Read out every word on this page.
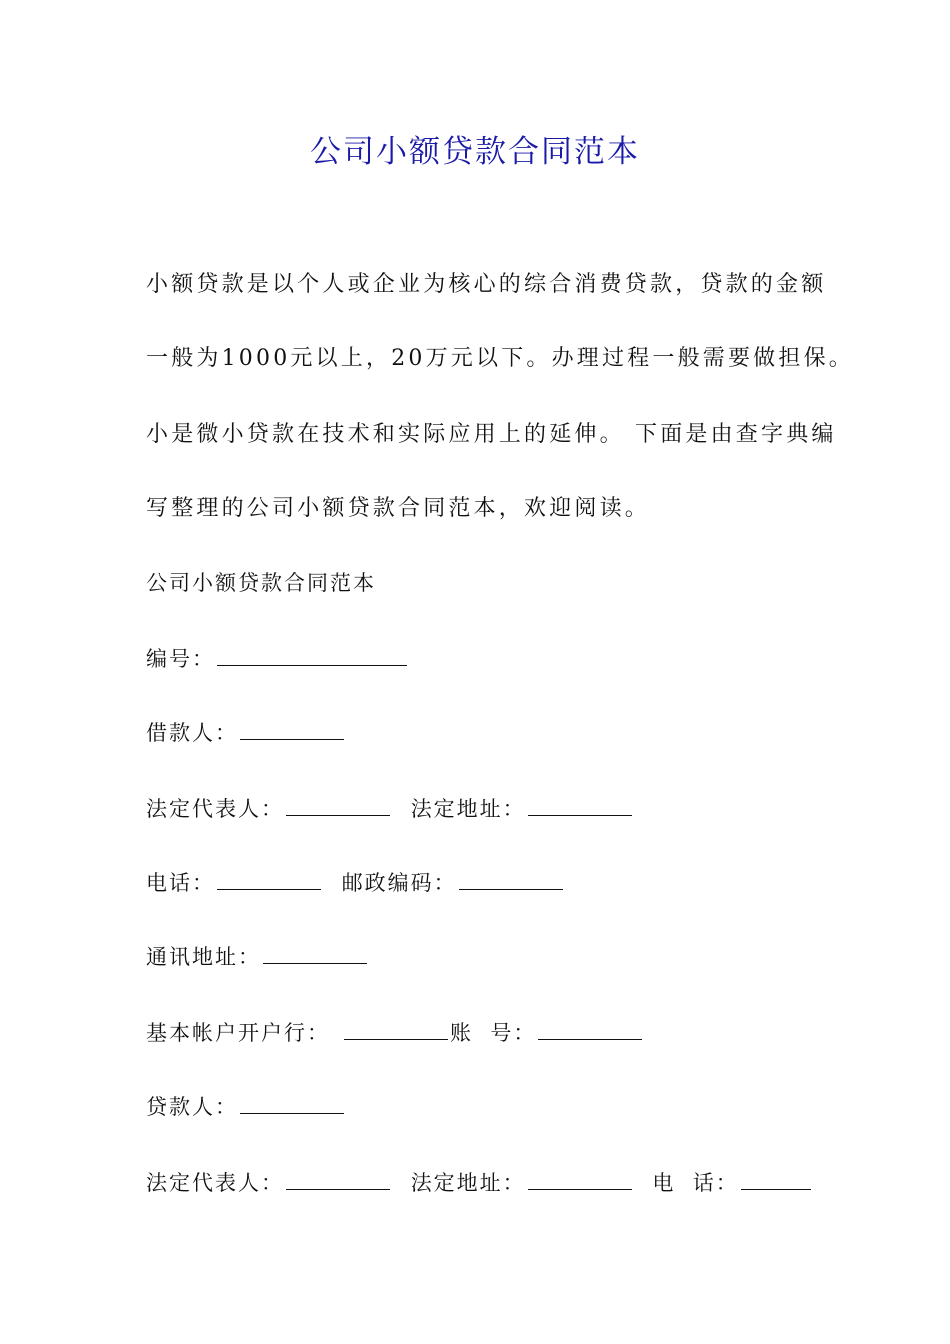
公司小额贷款合同范本
小额贷款是以个人或企业为核心的综合消费贷款，贷款的金额
一般为1000元以上，20万元以下。办理过程一般需要做担保。
小是微小贷款在技术和实际应用上的延伸。 下面是由查字典编
写整理的公司小额贷款合同范本，欢迎阅读。
公司小额贷款合同范本
编号：
借款人：
法定代表人：	法定地址：
电话：	邮政编码：
通讯地址：
基本帐户开户行：	账  号：
贷款人：
法定代表人：	法定地址：	电  话：
